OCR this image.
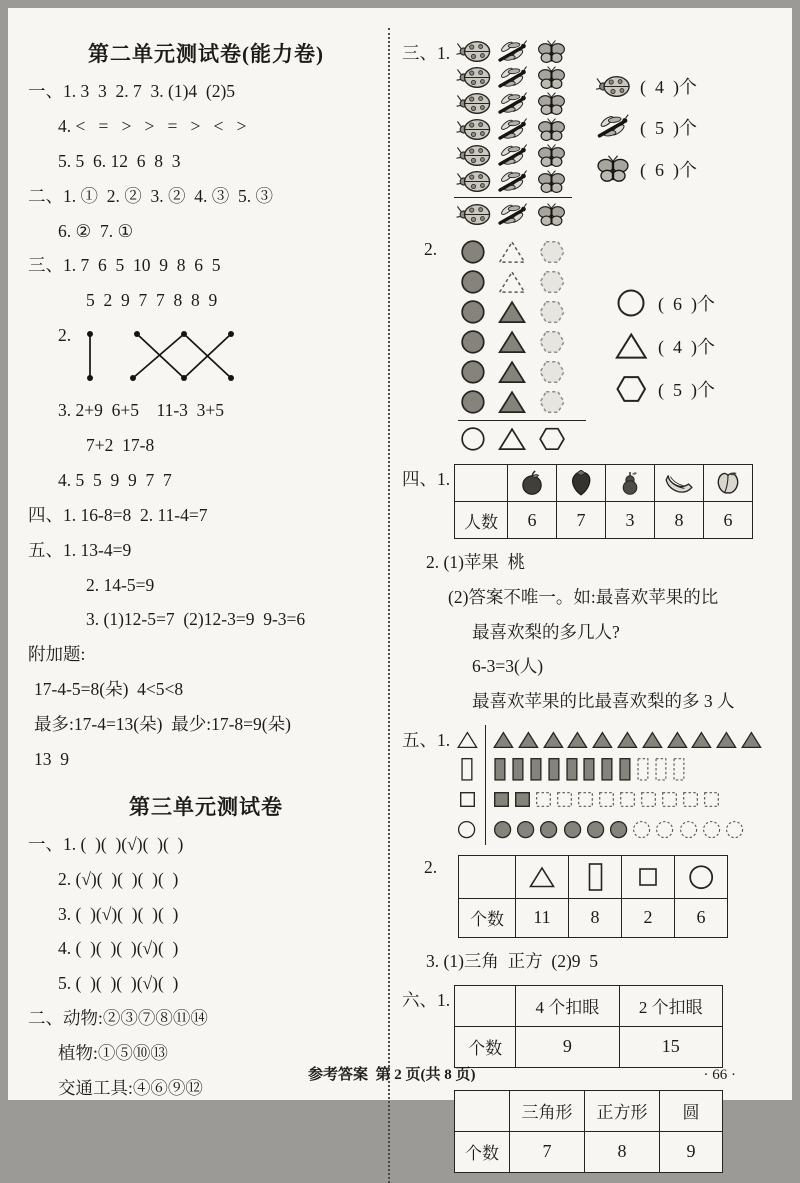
第二单元测试卷(能力卷)
一、1. 3  3  2. 7  3. (1)4  (2)5
4. <   =   >   >   =   >   <   >
5. 5  6. 12  6  8  3
二、1. ①  2. ②  3. ②  4. ③  5. ③
6. ②  7. ①
三、1. 7  6  5  10  9  8  6  5
5  2  9  7  7  8  8  9
2.
3. 2+9  6+5    11-3  3+5
7+2  17-8
4. 5  5  9  9  7  7
四、1. 16-8=8  2. 11-4=7
五、1. 13-4=9
2. 14-5=9
3. (1)12-5=7  (2)12-3=9  9-3=6
附加题:
17-4-5=8(朵)  4<5<8
最多:17-4=13(朵)  最少:17-8=9(朵)
13  9
第三单元测试卷
一、1. (  )(  )(√)(  )(  )
2. (√)(  )(  )(  )(  )
3. (  )(√)(  )(  )(  )
4. (  )(  )(  )(√)(  )
5. (  )(  )(  )(√)(  )
二、动物:②③⑦⑧⑪⑭
植物:①⑤⑩⑬
交通工具:④⑥⑨⑫
三、1.
(  4  )个
(  5  )个
(  6  )个
2.
(  6  )个
(  4  )个
(  5  )个
四、1.

人数	6	7	3	8	6
2. (1)苹果  桃
(2)答案不唯一。如:最喜欢苹果的比
最喜欢梨的多几人?
6-3=3(人)
最喜欢苹果的比最喜欢梨的多 3 人
五、1.
2.

个数	11	8	2	6
3. (1)三角  正方  (2)9  5
六、1.
		4 个扣眼	2 个扣眼
个数	9	15
	三角形	正方形	圆
个数	7	8	9
参考答案  第 2 页(共 8 页)	· 66 ·
